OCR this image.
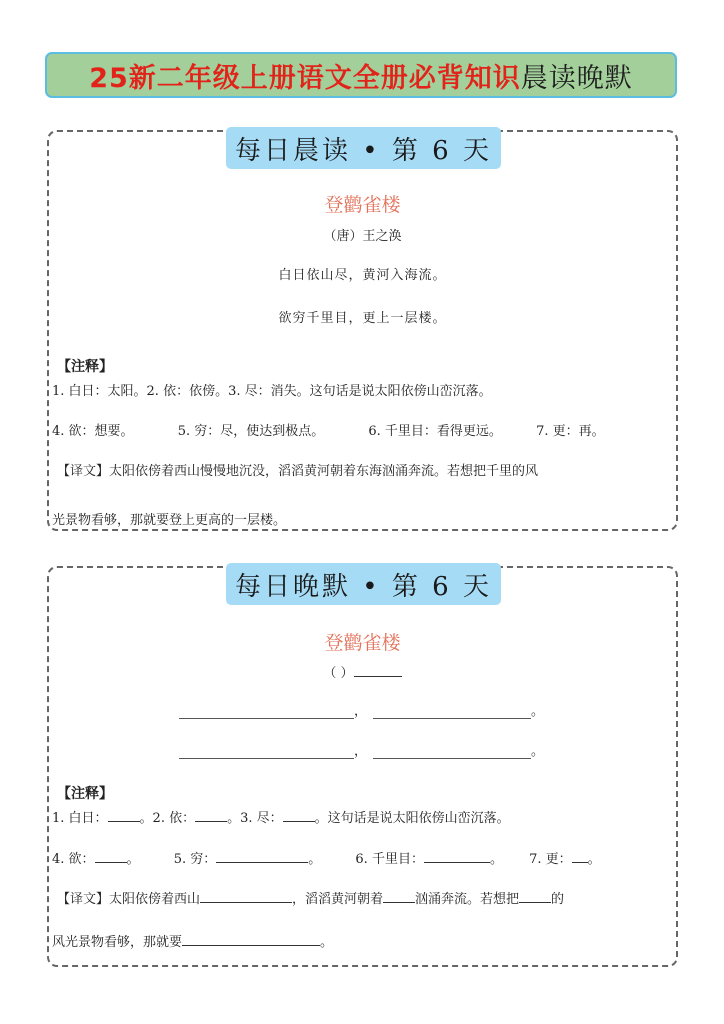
25新二年级上册语文全册必背知识 晨读晚默
每日晨读 • 第 6 天
登鹳雀楼
（唐）王之涣
白日依山尽，黄河入海流。
欲穷千里目，更上一层楼。
【注释】
1. 白日：太阳。2. 依：依傍。3. 尽：消失。这句话是说太阳依傍山峦沉落。
4. 欲：想要。	5. 穷：尽，使达到极点。	6. 千里目：看得更远。	7. 更：再。
【译文】太阳依傍着西山慢慢地沉没，滔滔黄河朝着东海汹涌奔流。若想把千里的风
光景物看够，那就要登上更高的一层楼。
每日晚默 • 第 6 天
登鹳雀楼
（ ）
，	。
，	。
【注释】
1. 白日： 。2. 依： 。3. 尽： 。这句话是说太阳依傍山峦沉落。
4. 欲： 。	5. 穷：	。	6. 千里目：	。 7. 更： 。
【译文】太阳依傍着西山	，滔滔黄河朝着 汹涌奔流。若想把 的
风光景物看够，那就要	。
